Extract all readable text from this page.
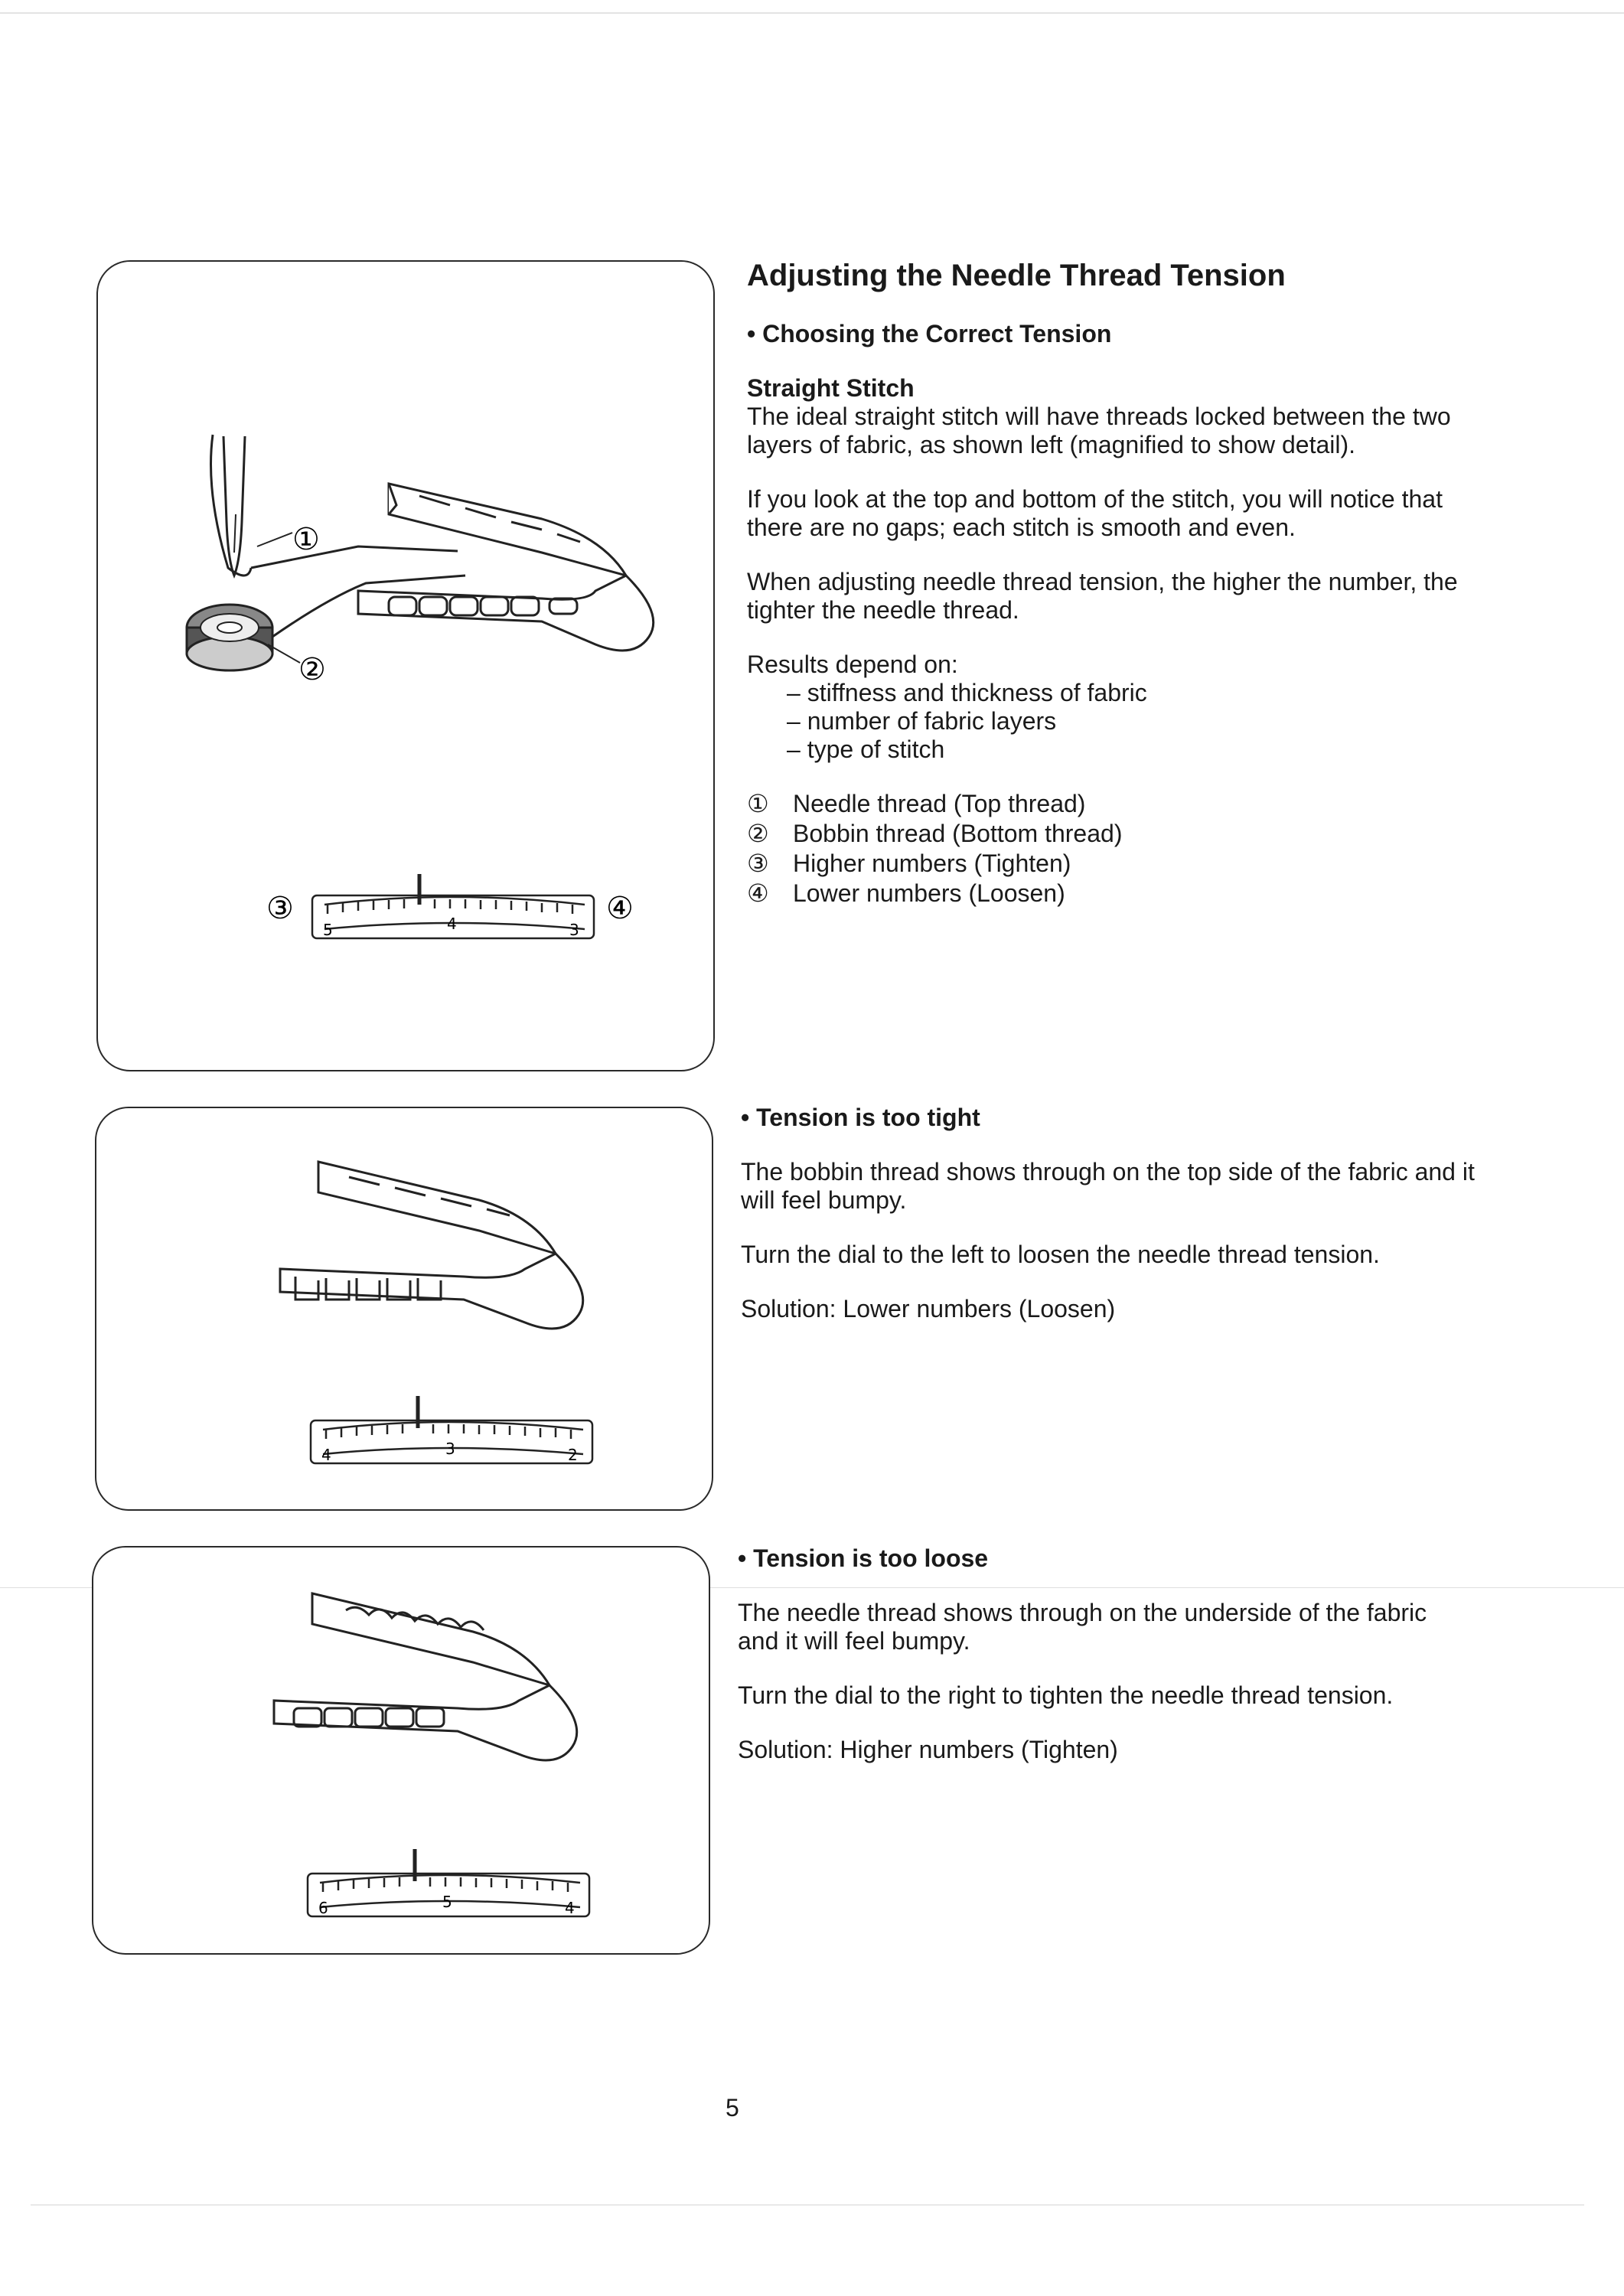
①
②
5	4	3
③	④
Adjusting the Needle Thread Tension
• Choosing the Correct Tension
Straight Stitch

The ideal straight stitch will have threads locked between the two layers of fabric, as shown left (magnified to show detail).

If you look at the top and bottom of the stitch, you will notice that there are no gaps; each stitch is smooth and even.

When adjusting needle thread tension, the higher the number, the tighter the needle thread.

Results depend on:

– stiffness and thickness of fabric
– number of fabric layers
– type of stitch
① Needle thread (Top thread)
② Bobbin thread (Bottom thread)
③ Higher numbers (Tighten)
④ Lower numbers (Loosen)
4	3	2
• Tension is too tight

The bobbin thread shows through on the top side of the fabric and it will feel bumpy.

Turn the dial to the left to loosen the needle thread tension.

Solution: Lower numbers (Loosen)

6	5	4
• Tension is too loose

The needle thread shows through on the underside of the fabric and it will feel bumpy.

Turn the dial to the right to tighten the needle thread tension.

Solution: Higher numbers (Tighten)

5
